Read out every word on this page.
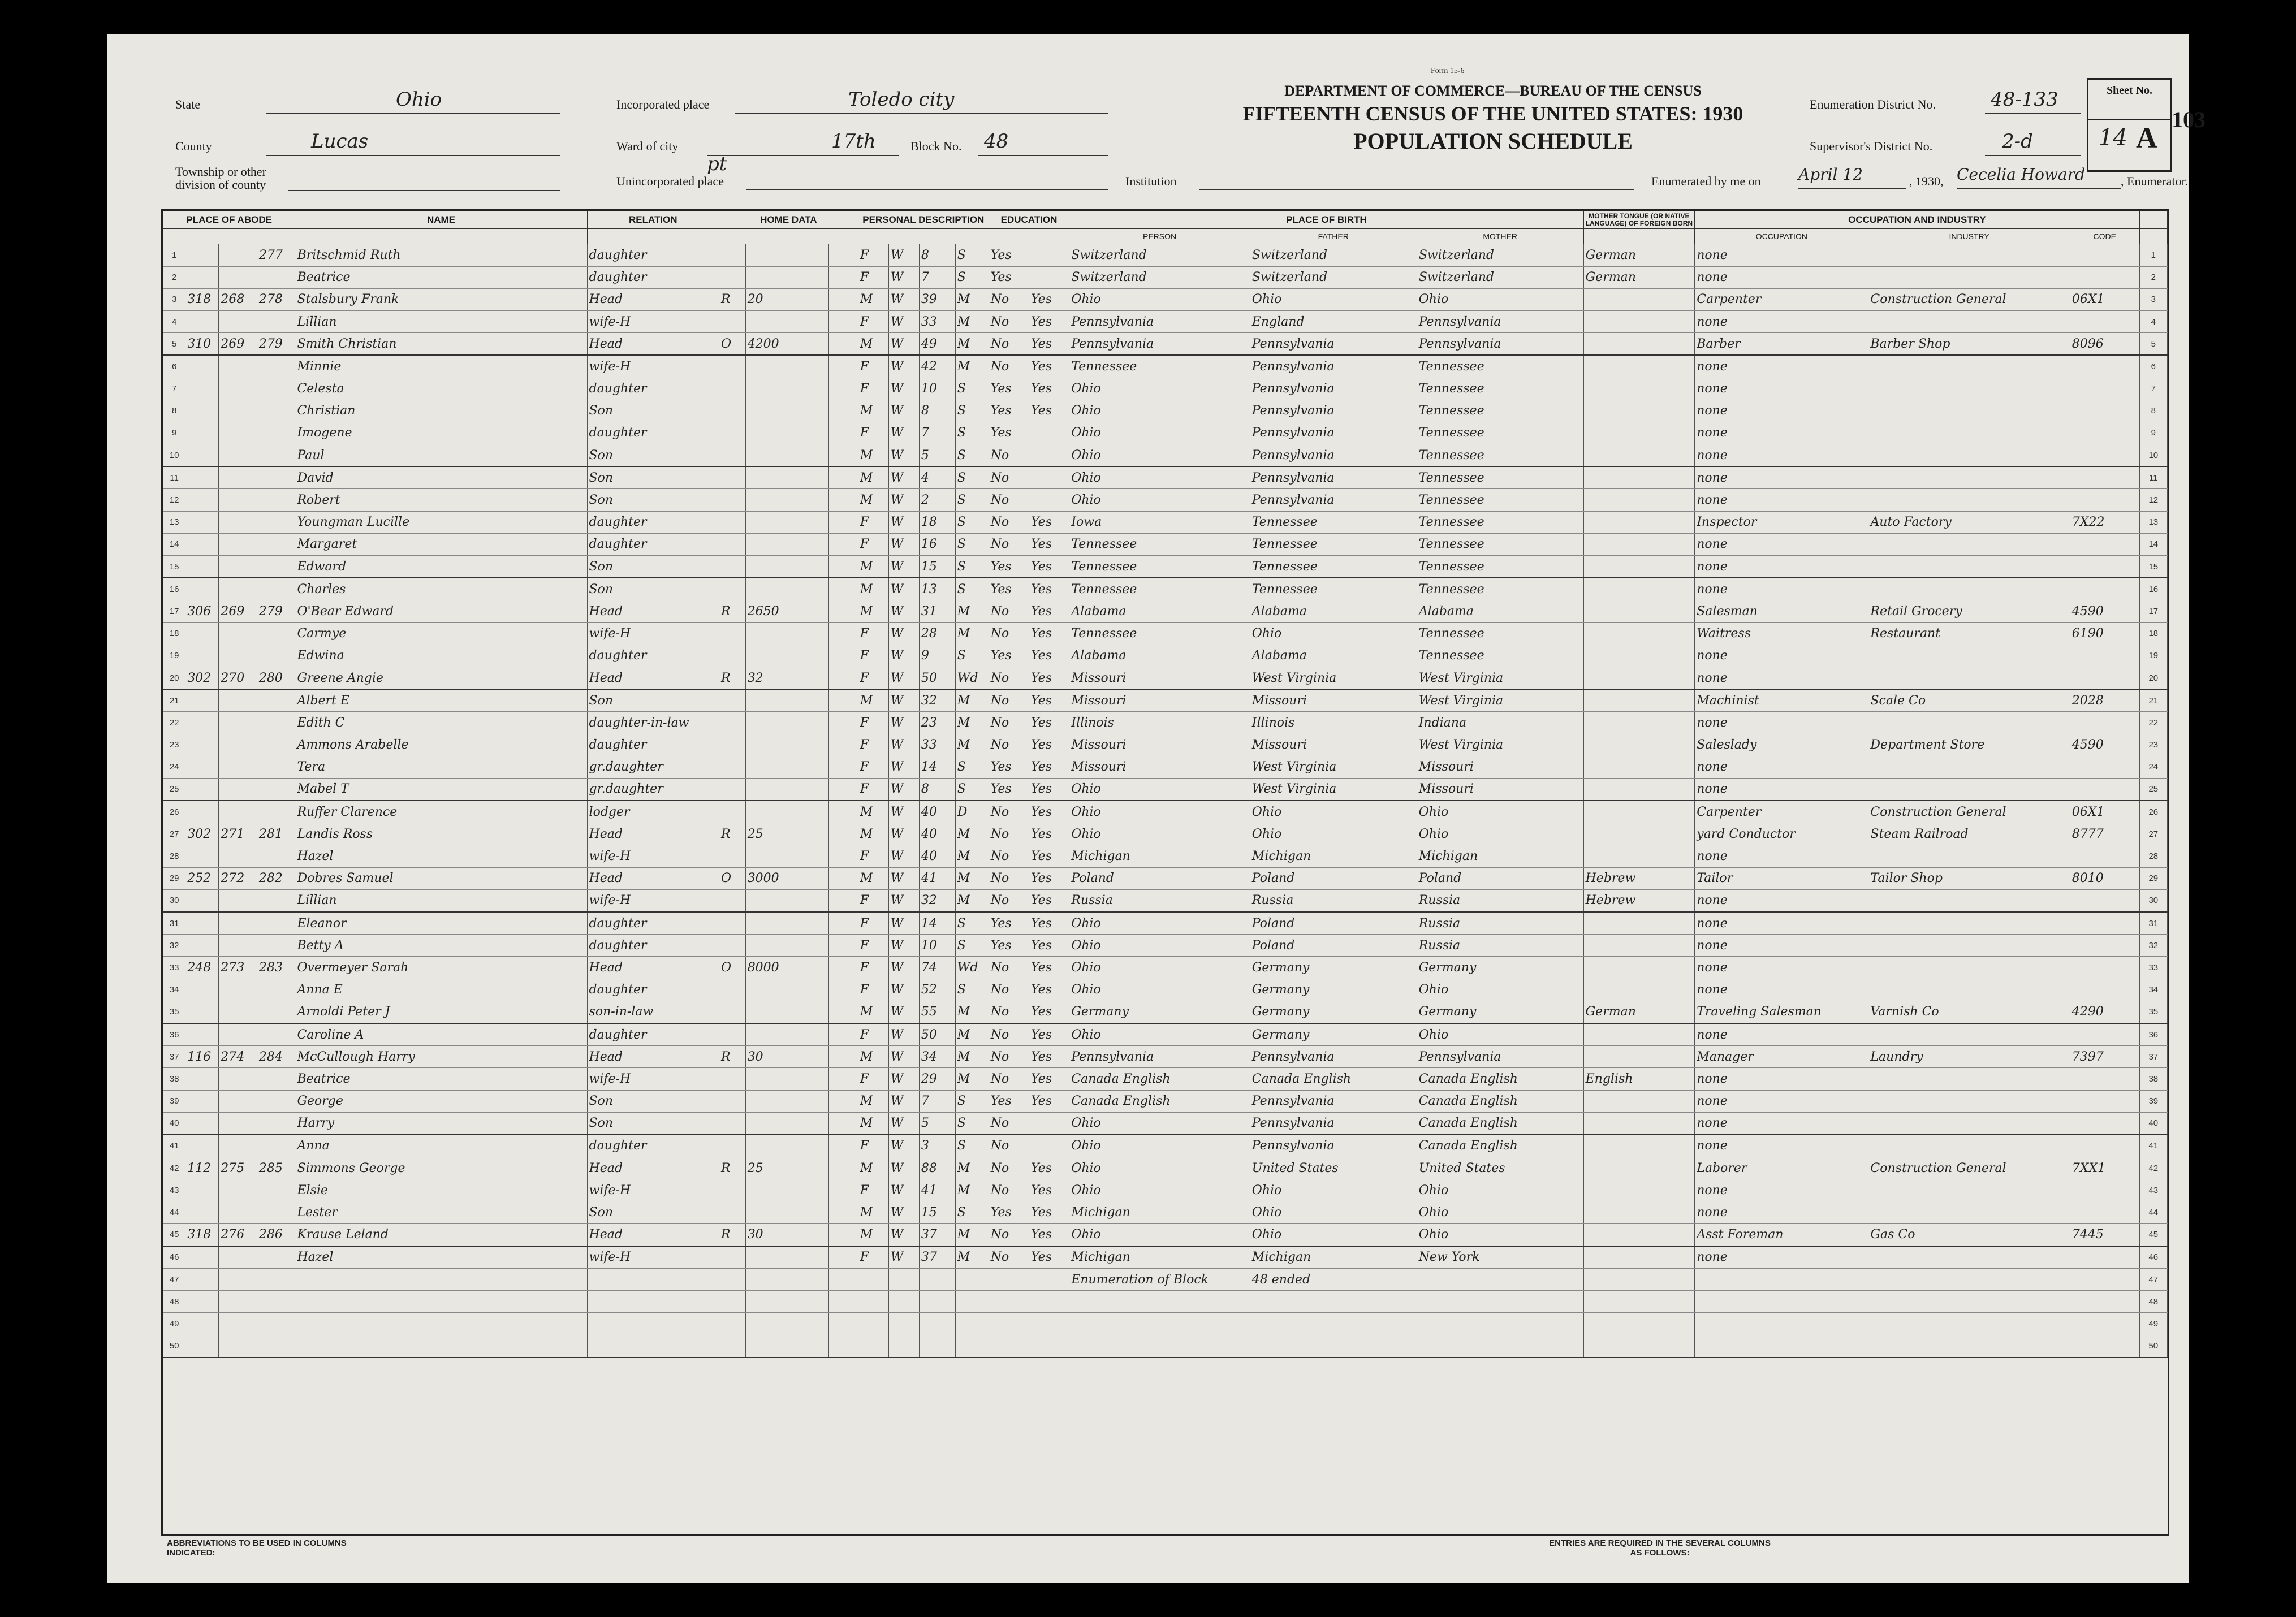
Form 15-6
DEPARTMENT OF COMMERCE—BUREAU OF THE CENSUS
FIFTEENTH CENSUS OF THE UNITED STATES: 1930
POPULATION SCHEDULE
State	Ohio
County	Lucas
Township or other division of county
Incorporated place	Toledo city
Ward of city	17th pt
Block No. 48
Unincorporated place	Institution
Enumeration District No.	48-133
Supervisor's District No.	2-d
Sheet No.
14 A
103
Enumerated by me on April 12	, 1930, Cecelia Howard	, Enumerator.
PLACE OF ABODE				NAME	RELATION	HOME DATA				PERSONAL DESCRIPTION				EDUCATION		PLACE OF BIRTH			MOTHER TONGUE (OR NATIVE LANGUAGE) OF FOREIGN BORN	OCCUPATION AND INDUSTRY			
																PERSON	FATHER	MOTHER		OCCUPATION	INDUSTRY	CODE	
1			277	Britschmid Ruth	daughter					F	W	8	S	Yes		Switzerland	Switzerland	Switzerland	German	none			1
2				Beatrice	daughter					F	W	7	S	Yes		Switzerland	Switzerland	Switzerland	German	none			2
3	318	268	278	Stalsbury Frank	Head	R	20			M	W	39	M	No	Yes	Ohio	Ohio	Ohio		Carpenter	Construction General	06X1	3
4				Lillian	wife-H					F	W	33	M	No	Yes	Pennsylvania	England	Pennsylvania		none			4
5	310	269	279	Smith Christian	Head	O	4200			M	W	49	M	No	Yes	Pennsylvania	Pennsylvania	Pennsylvania		Barber	Barber Shop	8096	5
6				Minnie	wife-H					F	W	42	M	No	Yes	Tennessee	Pennsylvania	Tennessee		none			6
7				Celesta	daughter					F	W	10	S	Yes	Yes	Ohio	Pennsylvania	Tennessee		none			7
8				Christian	Son					M	W	8	S	Yes	Yes	Ohio	Pennsylvania	Tennessee		none			8
9				Imogene	daughter					F	W	7	S	Yes		Ohio	Pennsylvania	Tennessee		none			9
10				Paul	Son					M	W	5	S	No		Ohio	Pennsylvania	Tennessee		none			10
11				David	Son					M	W	4	S	No		Ohio	Pennsylvania	Tennessee		none			11
12				Robert	Son					M	W	2	S	No		Ohio	Pennsylvania	Tennessee		none			12
13				Youngman Lucille	daughter					F	W	18	S	No	Yes	Iowa	Tennessee	Tennessee		Inspector	Auto Factory	7X22	13
14				Margaret	daughter					F	W	16	S	No	Yes	Tennessee	Tennessee	Tennessee		none			14
15				Edward	Son					M	W	15	S	Yes	Yes	Tennessee	Tennessee	Tennessee		none			15
16				Charles	Son					M	W	13	S	Yes	Yes	Tennessee	Tennessee	Tennessee		none			16
17	306	269	279	O'Bear Edward	Head	R	2650			M	W	31	M	No	Yes	Alabama	Alabama	Alabama		Salesman	Retail Grocery	4590	17
18				Carmye	wife-H					F	W	28	M	No	Yes	Tennessee	Ohio	Tennessee		Waitress	Restaurant	6190	18
19				Edwina	daughter					F	W	9	S	Yes	Yes	Alabama	Alabama	Tennessee		none			19
20	302	270	280	Greene Angie	Head	R	32			F	W	50	Wd	No	Yes	Missouri	West Virginia	West Virginia		none			20
21				Albert E	Son					M	W	32	M	No	Yes	Missouri	Missouri	West Virginia		Machinist	Scale Co	2028	21
22				Edith C	daughter-in-law					F	W	23	M	No	Yes	Illinois	Illinois	Indiana		none			22
23				Ammons Arabelle	daughter					F	W	33	M	No	Yes	Missouri	Missouri	West Virginia		Saleslady	Department Store	4590	23
24				Tera	gr.daughter					F	W	14	S	Yes	Yes	Missouri	West Virginia	Missouri		none			24
25				Mabel T	gr.daughter					F	W	8	S	Yes	Yes	Ohio	West Virginia	Missouri		none			25
26				Ruffer Clarence	lodger					M	W	40	D	No	Yes	Ohio	Ohio	Ohio		Carpenter	Construction General	06X1	26
27	302	271	281	Landis Ross	Head	R	25			M	W	40	M	No	Yes	Ohio	Ohio	Ohio		yard Conductor	Steam Railroad	8777	27
28				Hazel	wife-H					F	W	40	M	No	Yes	Michigan	Michigan	Michigan		none			28
29	252	272	282	Dobres Samuel	Head	O	3000			M	W	41	M	No	Yes	Poland	Poland	Poland	Hebrew	Tailor	Tailor Shop	8010	29
30				Lillian	wife-H					F	W	32	M	No	Yes	Russia	Russia	Russia	Hebrew	none			30
31				Eleanor	daughter					F	W	14	S	Yes	Yes	Ohio	Poland	Russia		none			31
32				Betty A	daughter					F	W	10	S	Yes	Yes	Ohio	Poland	Russia		none			32
33	248	273	283	Overmeyer Sarah	Head	O	8000			F	W	74	Wd	No	Yes	Ohio	Germany	Germany		none			33
34				Anna E	daughter					F	W	52	S	No	Yes	Ohio	Germany	Ohio		none			34
35				Arnoldi Peter J	son-in-law					M	W	55	M	No	Yes	Germany	Germany	Germany	German	Traveling Salesman	Varnish Co	4290	35
36				Caroline A	daughter					F	W	50	M	No	Yes	Ohio	Germany	Ohio		none			36
37	116	274	284	McCullough Harry	Head	R	30			M	W	34	M	No	Yes	Pennsylvania	Pennsylvania	Pennsylvania		Manager	Laundry	7397	37
38				Beatrice	wife-H					F	W	29	M	No	Yes	Canada English	Canada English	Canada English	English	none			38
39				George	Son					M	W	7	S	Yes	Yes	Canada English	Pennsylvania	Canada English		none			39
40				Harry	Son					M	W	5	S	No		Ohio	Pennsylvania	Canada English		none			40
41				Anna	daughter					F	W	3	S	No		Ohio	Pennsylvania	Canada English		none			41
42	112	275	285	Simmons George	Head	R	25			M	W	88	M	No	Yes	Ohio	United States	United States		Laborer	Construction General	7XX1	42
43				Elsie	wife-H					F	W	41	M	No	Yes	Ohio	Ohio	Ohio		none			43
44				Lester	Son					M	W	15	S	Yes	Yes	Michigan	Ohio	Ohio		none			44
45	318	276	286	Krause Leland	Head	R	30			M	W	37	M	No	Yes	Ohio	Ohio	Ohio		Asst Foreman	Gas Co	7445	45
46				Hazel	wife-H					F	W	37	M	No	Yes	Michigan	Michigan	New York		none			46
47																Enumeration of Block	48 ended						47
48																							48
49																							49
50																							50
ABBREVIATIONS TO BE USED IN COLUMNS INDICATED:
ENTRIES ARE REQUIRED IN THE SEVERAL COLUMNS AS FOLLOWS:
